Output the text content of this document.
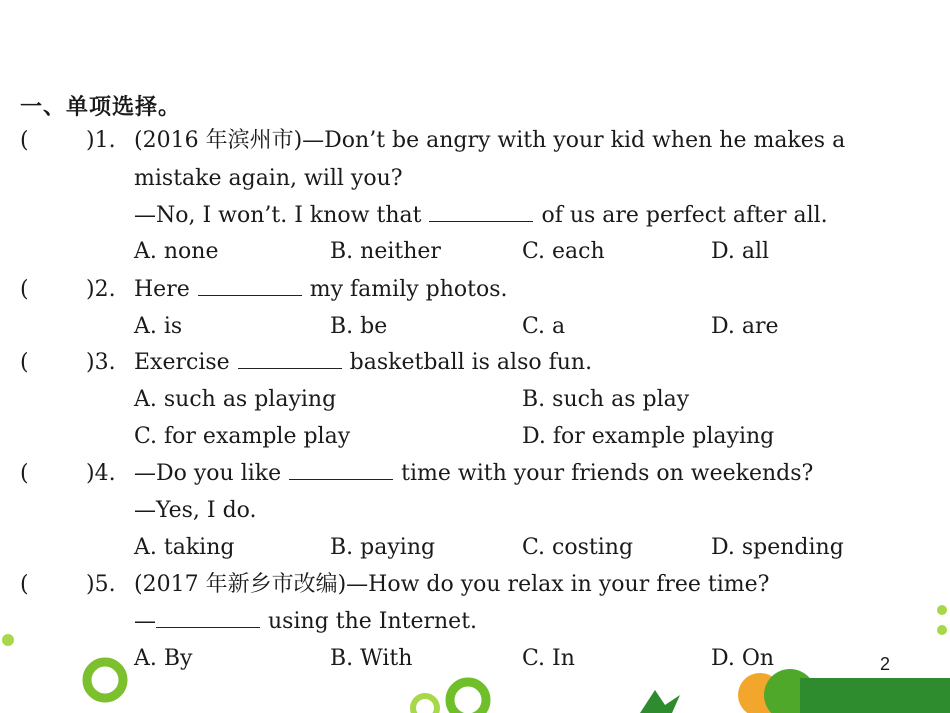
一、单项选择。
(	)1. (2016 年滨州市)—Don’t be angry with your kid when he makes a
mistake again, will you?
—No, I won’t. I know that	of us are perfect after all.
A. none	B. neither	C. each	D. all
(	)2. Here	my family photos.
A. is	B. be	C. a	D. are
(	)3. Exercise	basketball is also fun.
A. such as playing	B. such as play
C. for example play	D. for example playing
(	)4. —Do you like	time with your friends on weekends?
—Yes, I do.
A. taking	B. paying	C. costing	D. spending
(	)5. (2017 年新乡市改编)—How do you relax in your free time?
—	using the Internet.
A. By	B. With	C. In	D. On	2
